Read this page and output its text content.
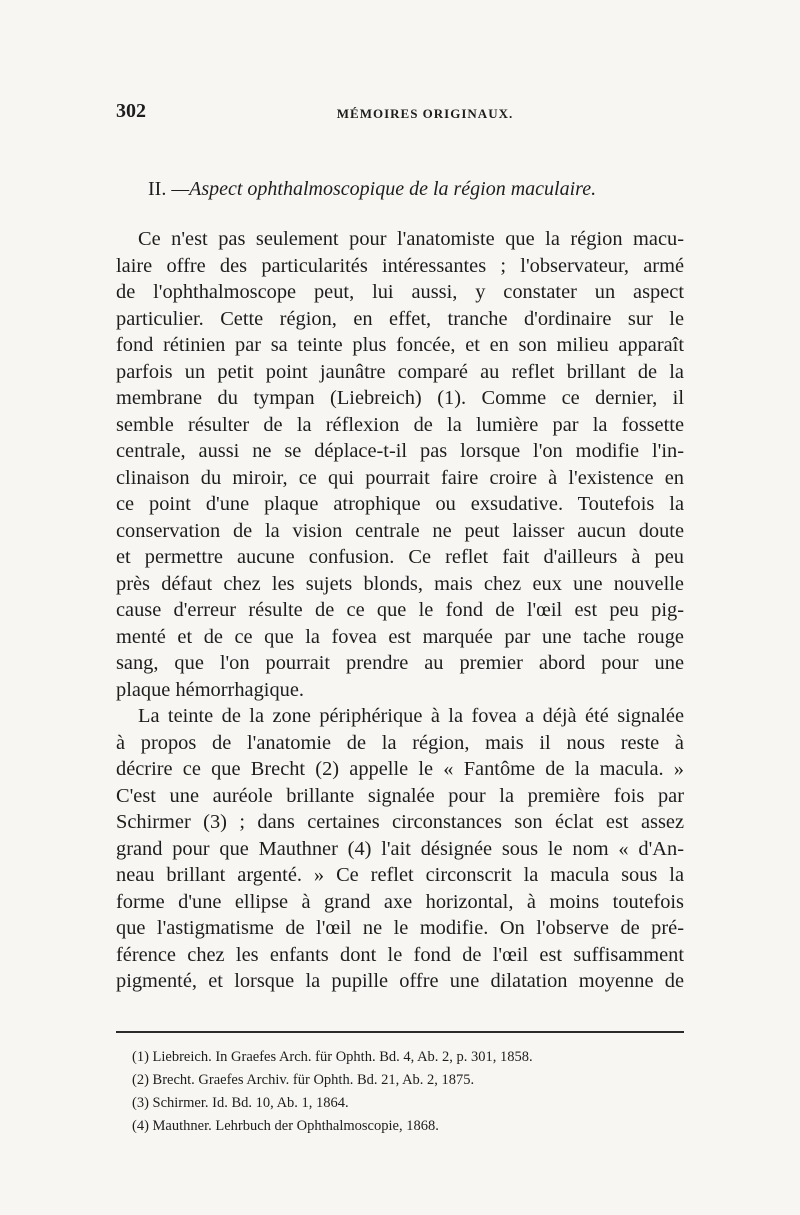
302	MÉMOIRES ORIGINAUX.
II. —Aspect ophthalmoscopique de la région maculaire.
Ce n'est pas seulement pour l'anatomiste que la région macu-
laire offre des particularités intéressantes ; l'observateur, armé
de l'ophthalmoscope peut, lui aussi, y constater un aspect
particulier. Cette région, en effet, tranche d'ordinaire sur le
fond rétinien par sa teinte plus foncée, et en son milieu apparaît
parfois un petit point jaunâtre comparé au reflet brillant de la
membrane du tympan (Liebreich) (1). Comme ce dernier, il
semble résulter de la réflexion de la lumière par la fossette
centrale, aussi ne se déplace-t-il pas lorsque l'on modifie l'in-
clinaison du miroir, ce qui pourrait faire croire à l'existence en
ce point d'une plaque atrophique ou exsudative. Toutefois la
conservation de la vision centrale ne peut laisser aucun doute
et permettre aucune confusion. Ce reflet fait d'ailleurs à peu
près défaut chez les sujets blonds, mais chez eux une nouvelle
cause d'erreur résulte de ce que le fond de l'œil est peu pig-
menté et de ce que la fovea est marquée par une tache rouge
sang, que l'on pourrait prendre au premier abord pour une
plaque hémorrhagique.
La teinte de la zone périphérique à la fovea a déjà été signalée
à propos de l'anatomie de la région, mais il nous reste à
décrire ce que Brecht (2) appelle le « Fantôme de la macula. »
C'est une auréole brillante signalée pour la première fois par
Schirmer (3) ; dans certaines circonstances son éclat est assez
grand pour que Mauthner (4) l'ait désignée sous le nom « d'An-
neau brillant argenté. » Ce reflet circonscrit la macula sous la
forme d'une ellipse à grand axe horizontal, à moins toutefois
que l'astigmatisme de l'œil ne le modifie. On l'observe de pré-
férence chez les enfants dont le fond de l'œil est suffisamment
pigmenté, et lorsque la pupille offre une dilatation moyenne de
(1) Liebreich. In Graefes Arch. für Ophth. Bd. 4, Ab. 2, p. 301, 1858.
(2) Brecht. Graefes Archiv. für Ophth. Bd. 21, Ab. 2, 1875.
(3) Schirmer. Id. Bd. 10, Ab. 1, 1864.
(4) Mauthner. Lehrbuch der Ophthalmoscopie, 1868.
